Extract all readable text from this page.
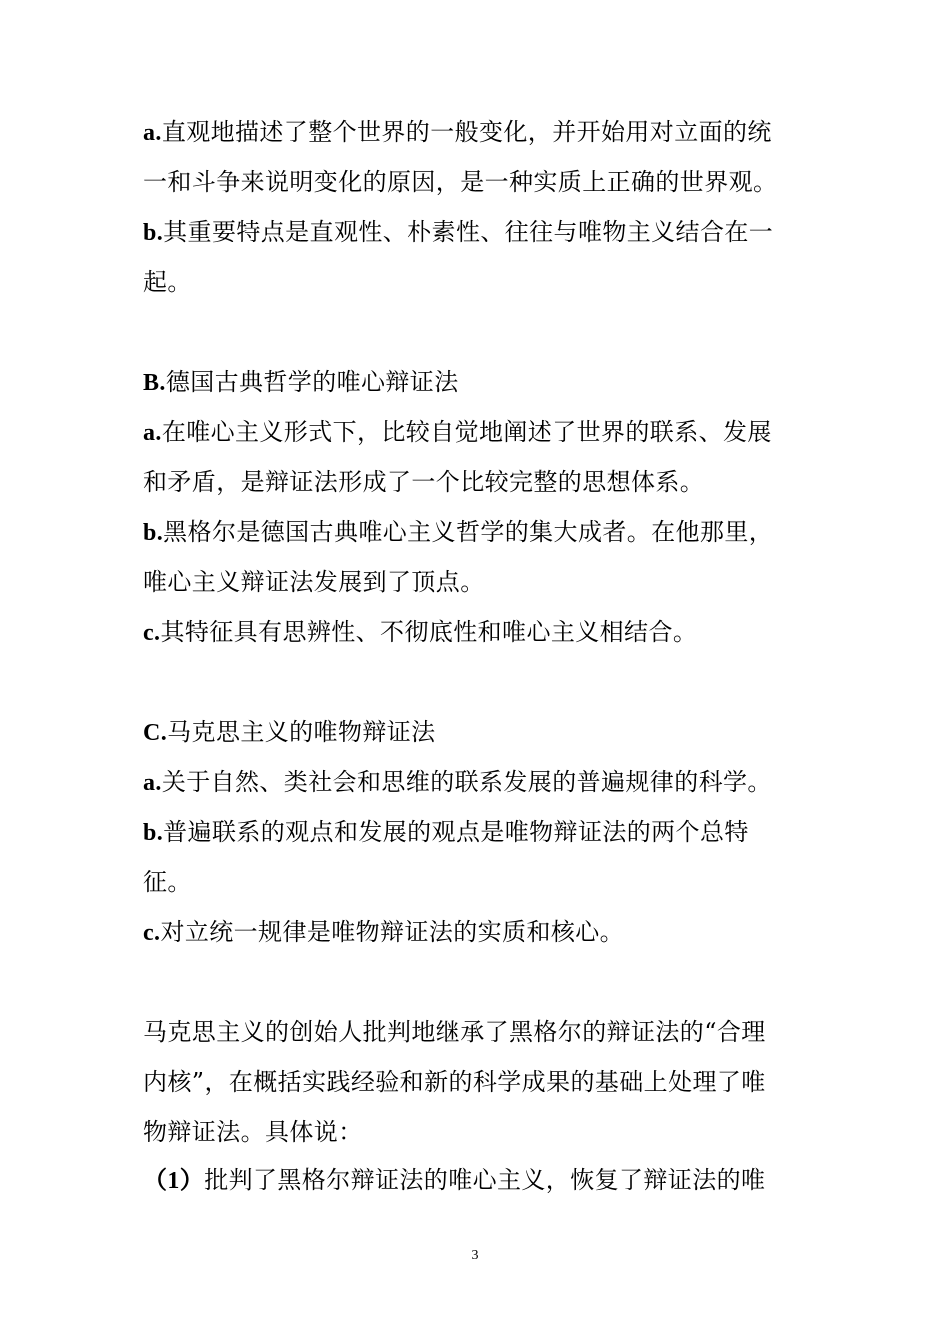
a.直观地描述了整个世界的一般变化，并开始用对立面的统
一和斗争来说明变化的原因，是一种实质上正确的世界观。
b.其重要特点是直观性、朴素性、往往与唯物主义结合在一
起。
B.德国古典哲学的唯心辩证法
a.在唯心主义形式下，比较自觉地阐述了世界的联系、发展
和矛盾，是辩证法形成了一个比较完整的思想体系。
b.黑格尔是德国古典唯心主义哲学的集大成者。在他那里，
唯心主义辩证法发展到了顶点。
c.其特征具有思辨性、不彻底性和唯心主义相结合。
C.马克思主义的唯物辩证法
a.关于自然、类社会和思维的联系发展的普遍规律的科学。
b.普遍联系的观点和发展的观点是唯物辩证法的两个总特
征。
c.对立统一规律是唯物辩证法的实质和核心。
马克思主义的创始人批判地继承了黑格尔的辩证法的“合理
内核”，在概括实践经验和新的科学成果的基础上处理了唯
物辩证法。具体说：
（1）批判了黑格尔辩证法的唯心主义，恢复了辩证法的唯
3
